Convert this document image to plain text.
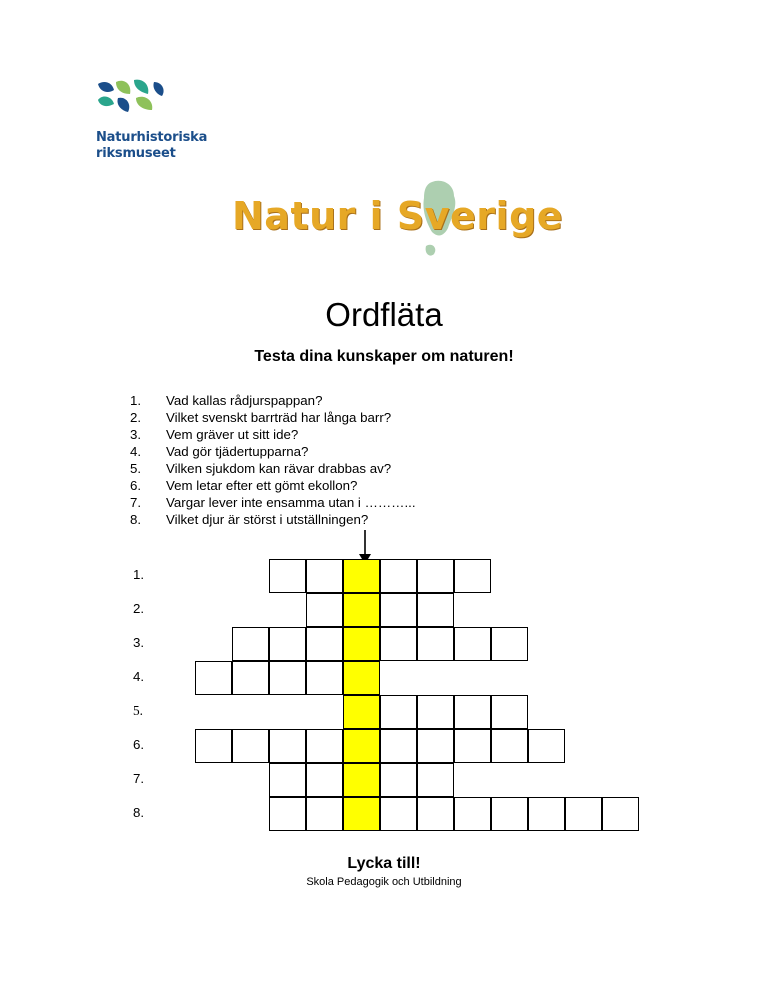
Naturhistoriska
riksmuseet
Natur i Sverige
Ordfläta
Testa dina kunskaper om naturen!
1.	Vad kallas rådjurspappan?
2.	Vilket svenskt barrträd har långa barr?
3.	Vem gräver ut sitt ide?
4.	Vad gör tjädertupparna?
5.	Vilken sjukdom kan rävar drabbas av?
6.	Vem letar efter ett gömt ekollon?
7.	Vargar lever inte ensamma utan i ………...
8.	Vilket djur är störst i utställningen?
1.
2.
3.
4.
5.
6.
7.
8.
Lycka till!
Skola Pedagogik och Utbildning
